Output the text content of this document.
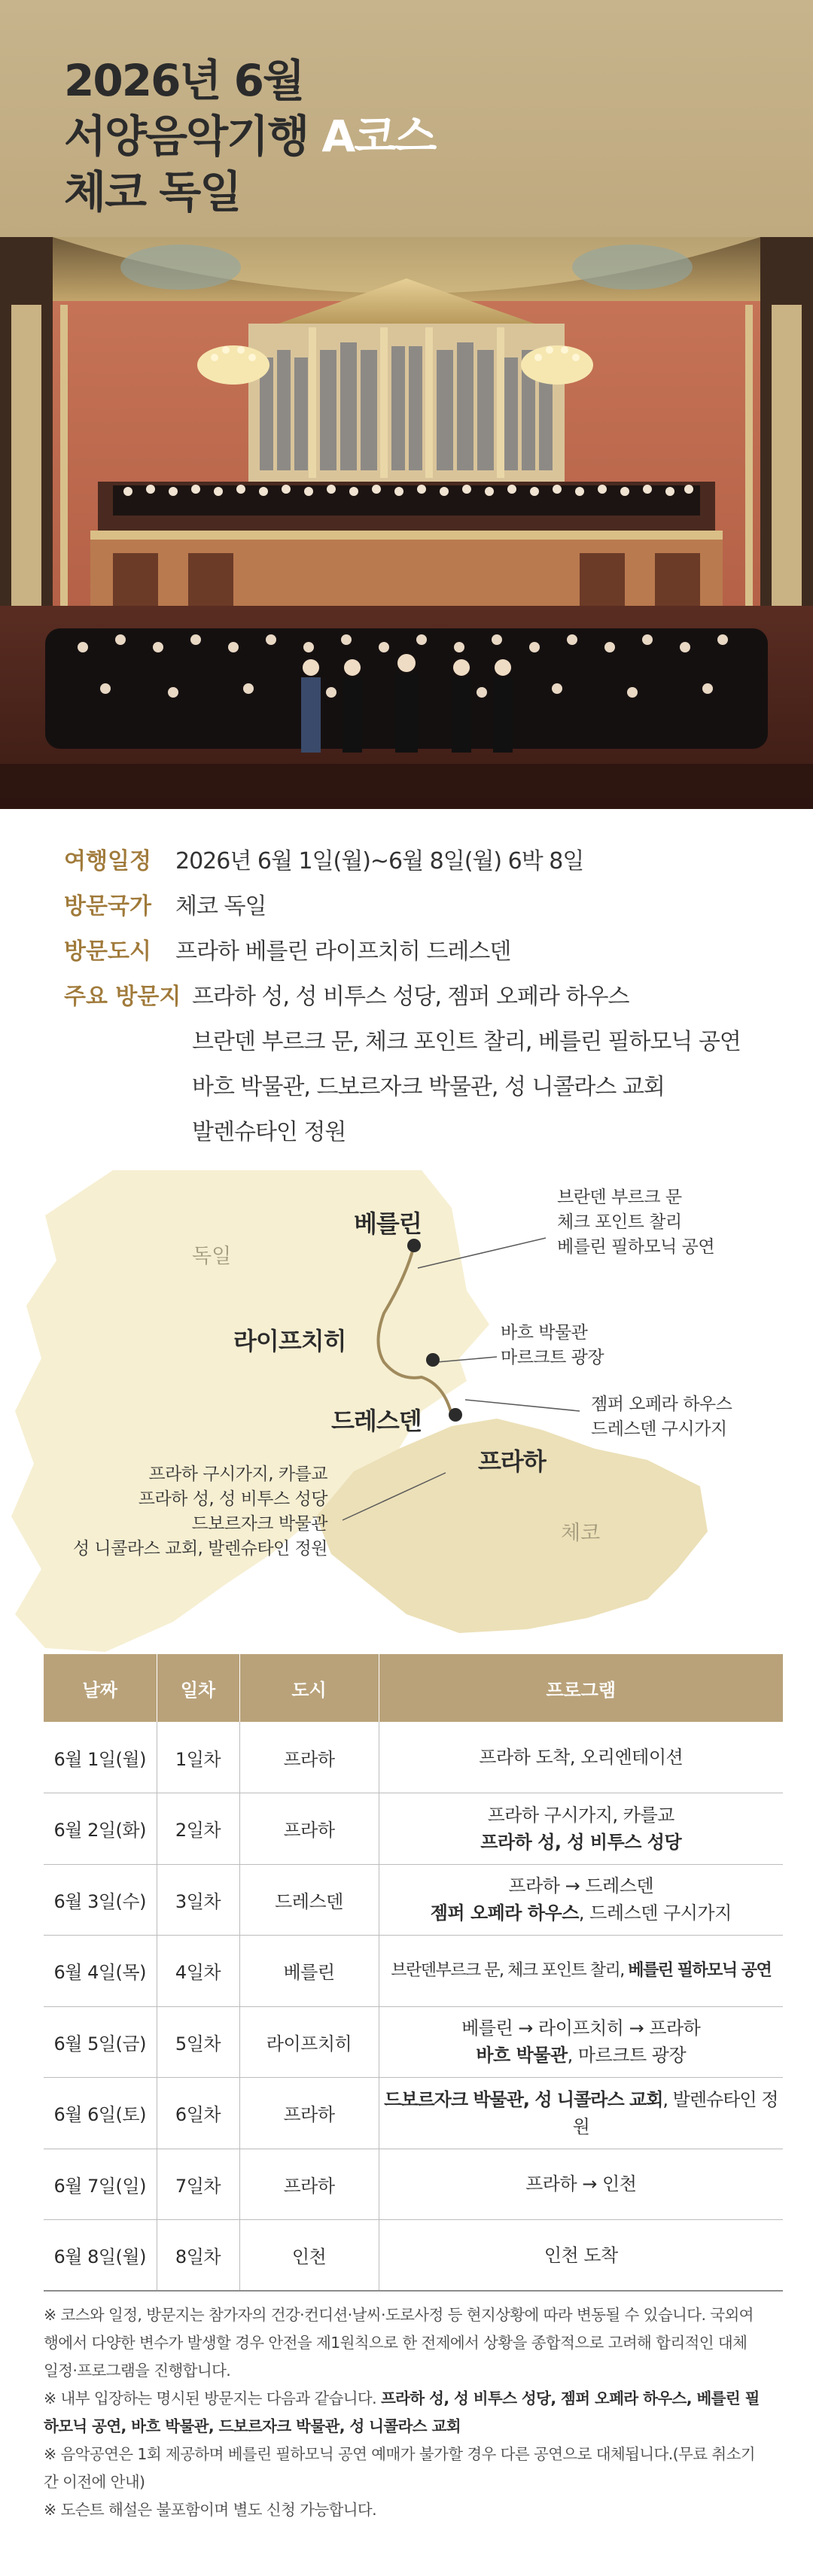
2026년 6월
서양음악기행 A코스
체코 독일
여행일정	2026년 6월 1일(월)~6월 8일(월) 6박 8일
방문국가	체코 독일
방문도시	프라하 베를린 라이프치히 드레스덴
주요 방문지 프라하 성, 성 비투스 성당, 젬퍼 오페라 하우스
브란덴 부르크 문, 체크 포인트 찰리, 베를린 필하모닉 공연
바흐 박물관, 드보르자크 박물관, 성 니콜라스 교회
발렌슈타인 정원
독일
체코
베를린
라이프치히
드레스덴
프라하
브란덴 부르크 문
체크 포인트 찰리
베를린 필하모닉 공연
바흐 박물관
마르크트 광장
젬퍼 오페라 하우스
드레스덴 구시가지
프라하 구시가지, 카를교
프라하 성, 성 비투스 성당
드보르자크 박물관
성 니콜라스 교회, 발렌슈타인 정원
날짜	일차	도시	프로그램
6월 1일(월)	1일차	프라하	프라하 도착, 오리엔테이션

6월 2일(화)	2일차	프라하	프라하 구시가지, 카를교
프라하 성, 성 비투스 성당

6월 3일(수)	3일차	드레스덴	프라하 → 드레스덴
젬퍼 오페라 하우스, 드레스덴 구시가지

6월 4일(목)	4일차	베를린	브란덴부르크 문, 체크 포인트 찰리, 베를린 필하모닉 공연

6월 5일(금)	5일차	라이프치히	베를린 → 라이프치히 → 프라하
바흐 박물관, 마르크트 광장

6월 6일(토)	6일차	프라하	드보르자크 박물관, 성 니콜라스 교회, 발렌슈타인 정원

6월 7일(일)	7일차	프라하	프라하 → 인천

6월 8일(월)	8일차	인천	인천 도착

※ 코스와 일정, 방문지는 참가자의 건강·컨디션·날씨·도로사정 등 현지상황에 따라 변동될 수 있습니다. 국외여

행에서 다양한 변수가 발생할 경우 안전을 제1원칙으로 한 전제에서 상황을 종합적으로 고려해 합리적인 대체

일정·프로그램을 진행합니다.

※ 내부 입장하는 명시된 방문지는 다음과 같습니다. 프라하 성, 성 비투스 성당, 젬퍼 오페라 하우스, 베를린 필

하모닉 공연, 바흐 박물관, 드보르자크 박물관, 성 니콜라스 교회

※ 음악공연은 1회 제공하며 베를린 필하모닉 공연 예매가 불가할 경우 다른 공연으로 대체됩니다.(무료 취소기

간 이전에 안내)

※ 도슨트 해설은 불포함이며 별도 신청 가능합니다.
